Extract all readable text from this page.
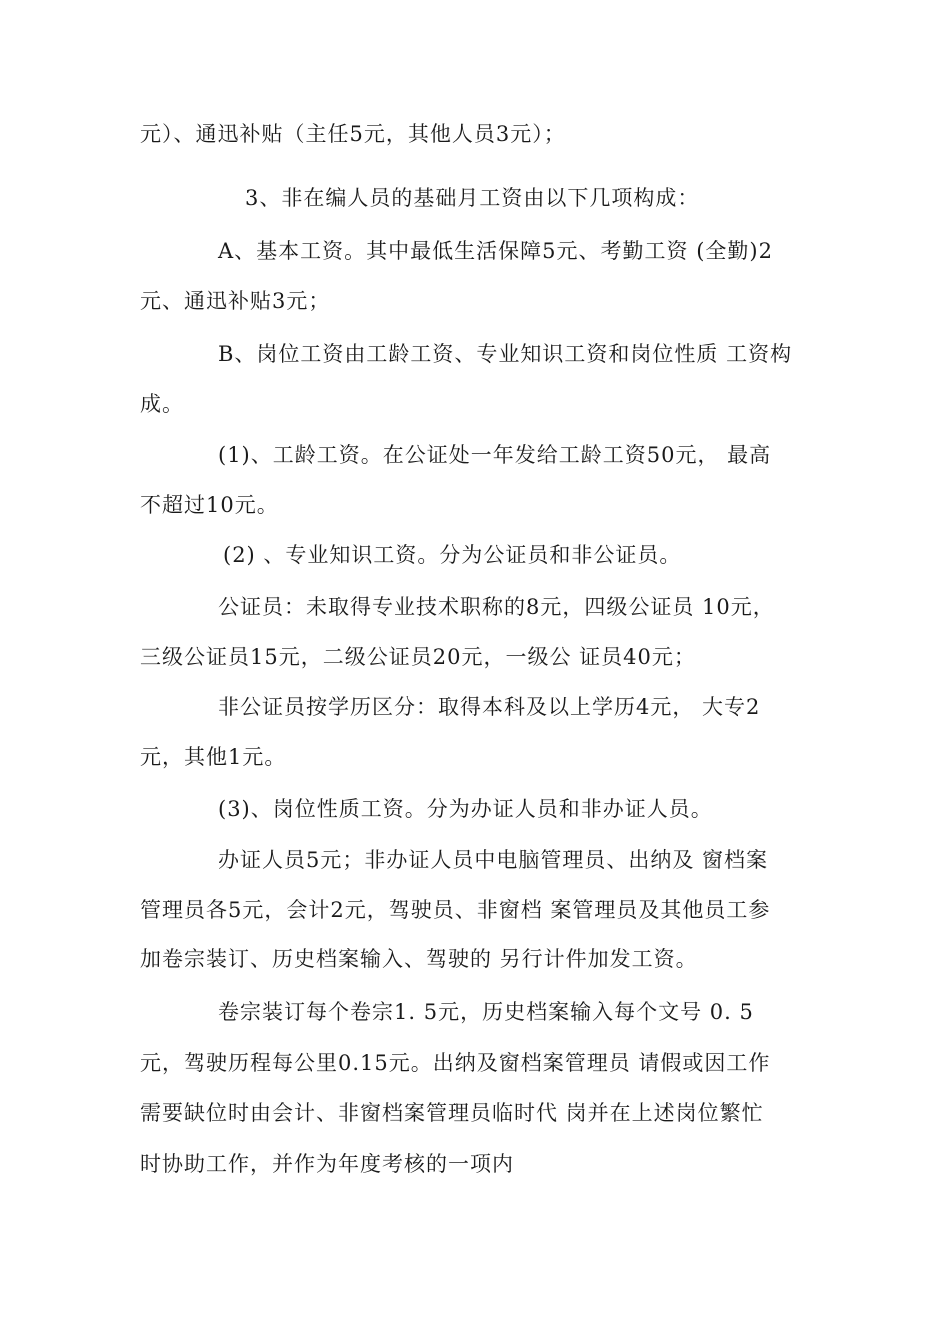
元）、通迅补贴（主任5元，其他人员3元）；
3、非在编人员的基础月工资由以下几项构成：
A、基本工资。其中最低生活保障5元、考勤工资 (全勤)2
元、通迅补贴3元；
B、岗位工资由工龄工资、专业知识工资和岗位性质 工资构
成。
(1)、工龄工资。在公证处一年发给工龄工资50元， 最高
不超过10元。
(2) 、专业知识工资。分为公证员和非公证员。
公证员：未取得专业技术职称的8元，四级公证员 10元，
三级公证员15元，二级公证员20元，一级公 证员40元；
非公证员按学历区分：取得本科及以上学历4元， 大专2
元，其他1元。
(3)、岗位性质工资。分为办证人员和非办证人员。
办证人员5元；非办证人员中电脑管理员、出纳及 窗档案
管理员各5元，会计2元，驾驶员、非窗档 案管理员及其他员工参
加卷宗装订、历史档案输入、驾驶的 另行计件加发工资。
卷宗装订每个卷宗1. 5元，历史档案输入每个文号 0. 5
元，驾驶历程每公里0.15元。出纳及窗档案管理员 请假或因工作
需要缺位时由会计、非窗档案管理员临时代 岗并在上述岗位繁忙
时协助工作，并作为年度考核的一项内
